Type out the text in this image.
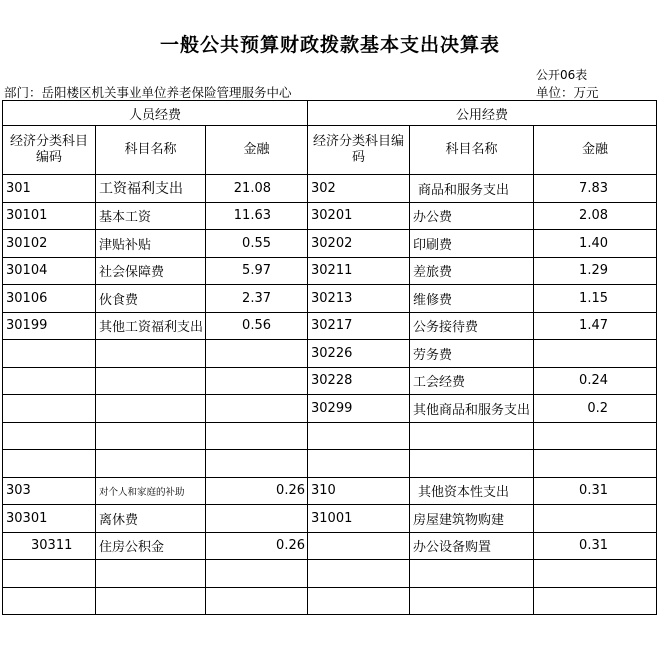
一般公共预算财政拨款基本支出决算表
公开06表
部门：岳阳楼区机关事业单位养老保险管理服务中心	单位：万元
人员经费			公用经费		
经济分类科目编码	科目名称	金融	经济分类科目编码	科目名称	金融
301	工资福利支出	21.08	302	商品和服务支出	7.83
30101	基本工资	11.63	30201	办公费	2.08
30102	津贴补贴	0.55	30202	印刷费	1.40
30104	社会保障费	5.97	30211	差旅费	1.29
30106	伙食费	2.37	30213	维修费	1.15
30199	其他工资福利支出	0.56	30217	公务接待费	1.47
			30226	劳务费	
			30228	工会经费	0.24
			30299	其他商品和服务支出	0.2

303	对个人和家庭的补助	0.26	310	其他资本性支出	0.31
30301	离休费		31001	房屋建筑物购建	
30311	住房公积金	0.26		办公设备购置	0.31
